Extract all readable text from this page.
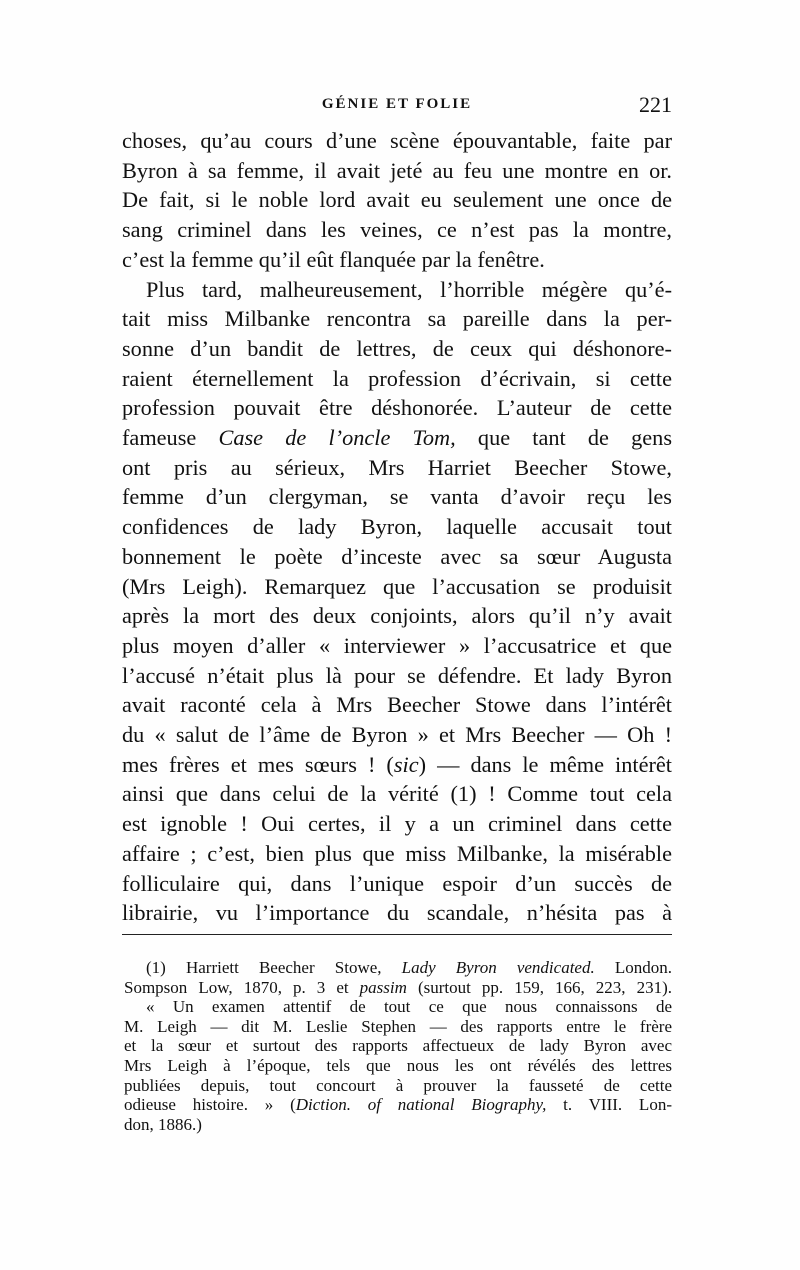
GÉNIE ET FOLIE	221
choses, qu’au cours d’une scène épouvantable, faite par
Byron à sa femme, il avait jeté au feu une montre en or.
De fait, si le noble lord avait eu seulement une once de
sang criminel dans les veines, ce n’est pas la montre,
c’est la femme qu’il eût flanquée par la fenêtre.
Plus tard, malheureusement, l’horrible mégère qu’é-
tait miss Milbanke rencontra sa pareille dans la per-
sonne d’un bandit de lettres, de ceux qui déshonore-
raient éternellement la profession d’écrivain, si cette
profession pouvait être déshonorée. L’auteur de cette
fameuse Case de l’oncle Tom, que tant de gens
ont pris au sérieux, Mrs Harriet Beecher Stowe,
femme d’un clergyman, se vanta d’avoir reçu les
confidences de lady Byron, laquelle accusait tout
bonnement le poète d’inceste avec sa sœur Augusta
(Mrs Leigh). Remarquez que l’accusation se produisit
après la mort des deux conjoints, alors qu’il n’y avait
plus moyen d’aller « interviewer » l’accusatrice et que
l’accusé n’était plus là pour se défendre. Et lady Byron
avait raconté cela à Mrs Beecher Stowe dans l’intérêt
du « salut de l’âme de Byron » et Mrs Beecher — Oh !
mes frères et mes sœurs ! (sic) — dans le même intérêt
ainsi que dans celui de la vérité (1) ! Comme tout cela
est ignoble ! Oui certes, il y a un criminel dans cette
affaire ; c’est, bien plus que miss Milbanke, la misérable
folliculaire qui, dans l’unique espoir d’un succès de
librairie, vu l’importance du scandale, n’hésita pas à
(1) Harriett Beecher Stowe, Lady Byron vendicated. London.
Sompson Low, 1870, p. 3 et passim (surtout pp. 159, 166, 223, 231).
« Un examen attentif de tout ce que nous connaissons de
M. Leigh — dit M. Leslie Stephen — des rapports entre le frère
et la sœur et surtout des rapports affectueux de lady Byron avec
Mrs Leigh à l’époque, tels que nous les ont révélés des lettres
publiées depuis, tout concourt à prouver la fausseté de cette
odieuse histoire. » (Diction. of national Biography, t. VIII. Lon-
don, 1886.)
